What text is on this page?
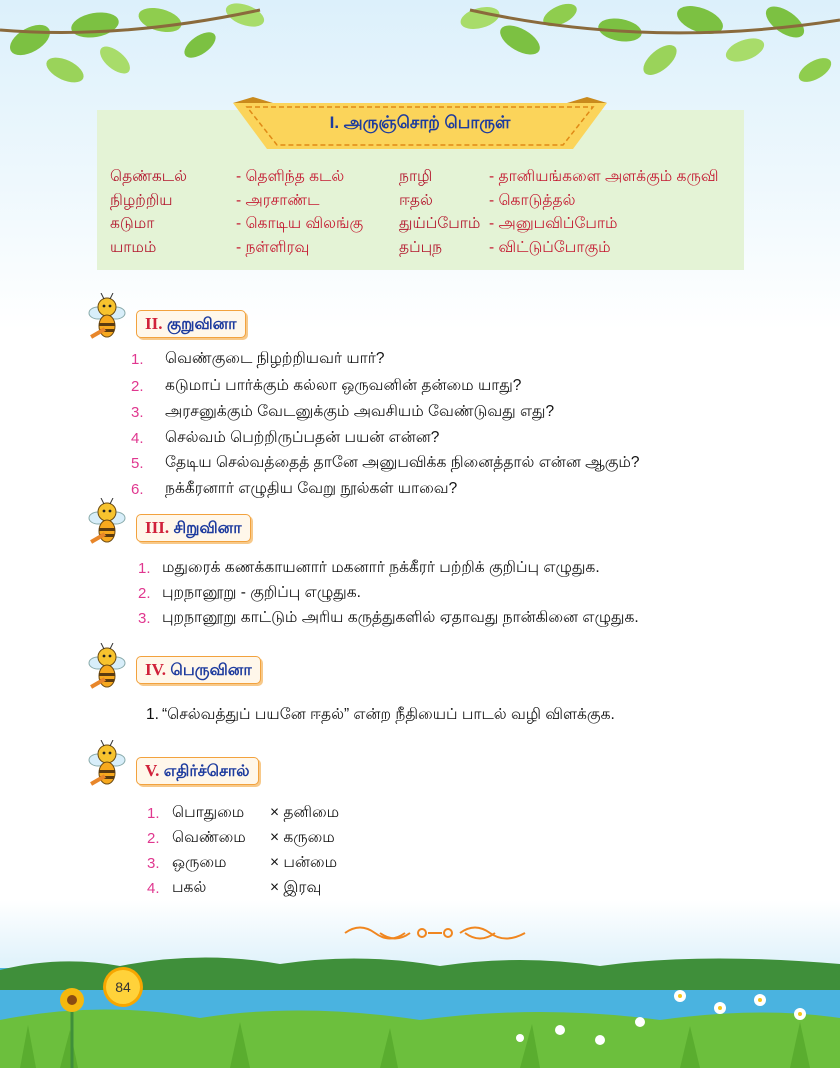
I. அருஞ்சொற் பொருள்
தெண்கடல்	- தெளிந்த கடல்
நிழற்றிய	- அரசாண்ட
கடுமா	- கொடிய விலங்கு
யாமம்	- நள்ளிரவு
நாழி	- தானியங்களை அளக்கும் கருவி
ஈதல்	- கொடுத்தல்
துய்ப்போம் - அனுபவிப்போம்
தப்புந	- விட்டுப்போகும்
II. குறுவினா
1. வெண்குடை நிழற்றியவர் யார்?
2. கடுமாப் பார்க்கும் கல்லா ஒருவனின் தன்மை யாது?
3. அரசனுக்கும் வேடனுக்கும் அவசியம் வேண்டுவது எது?
4. செல்வம் பெற்றிருப்பதன் பயன் என்ன?
5. தேடிய செல்வத்தைத் தானே அனுபவிக்க நினைத்தால் என்ன ஆகும்?
6. நக்கீரனார் எழுதிய வேறு நூல்கள் யாவை?
III. சிறுவினா
1. மதுரைக் கணக்காயனார் மகனார் நக்கீரர் பற்றிக் குறிப்பு எழுதுக.
2. புறநானூறு - குறிப்பு எழுதுக.
3. புறநானூறு காட்டும் அரிய கருத்துகளில் ஏதாவது நான்கினை எழுதுக.
IV. பெருவினா
1. “செல்வத்துப் பயனே ஈதல்” என்ற நீதியைப் பாடல் வழி விளக்குக.
V. எதிர்ச்சொல்
1. பொதுமை × தனிமை
2. வெண்மை × கருமை
3. ஒருமை	× பன்மை
4. பகல்	× இரவு
84
